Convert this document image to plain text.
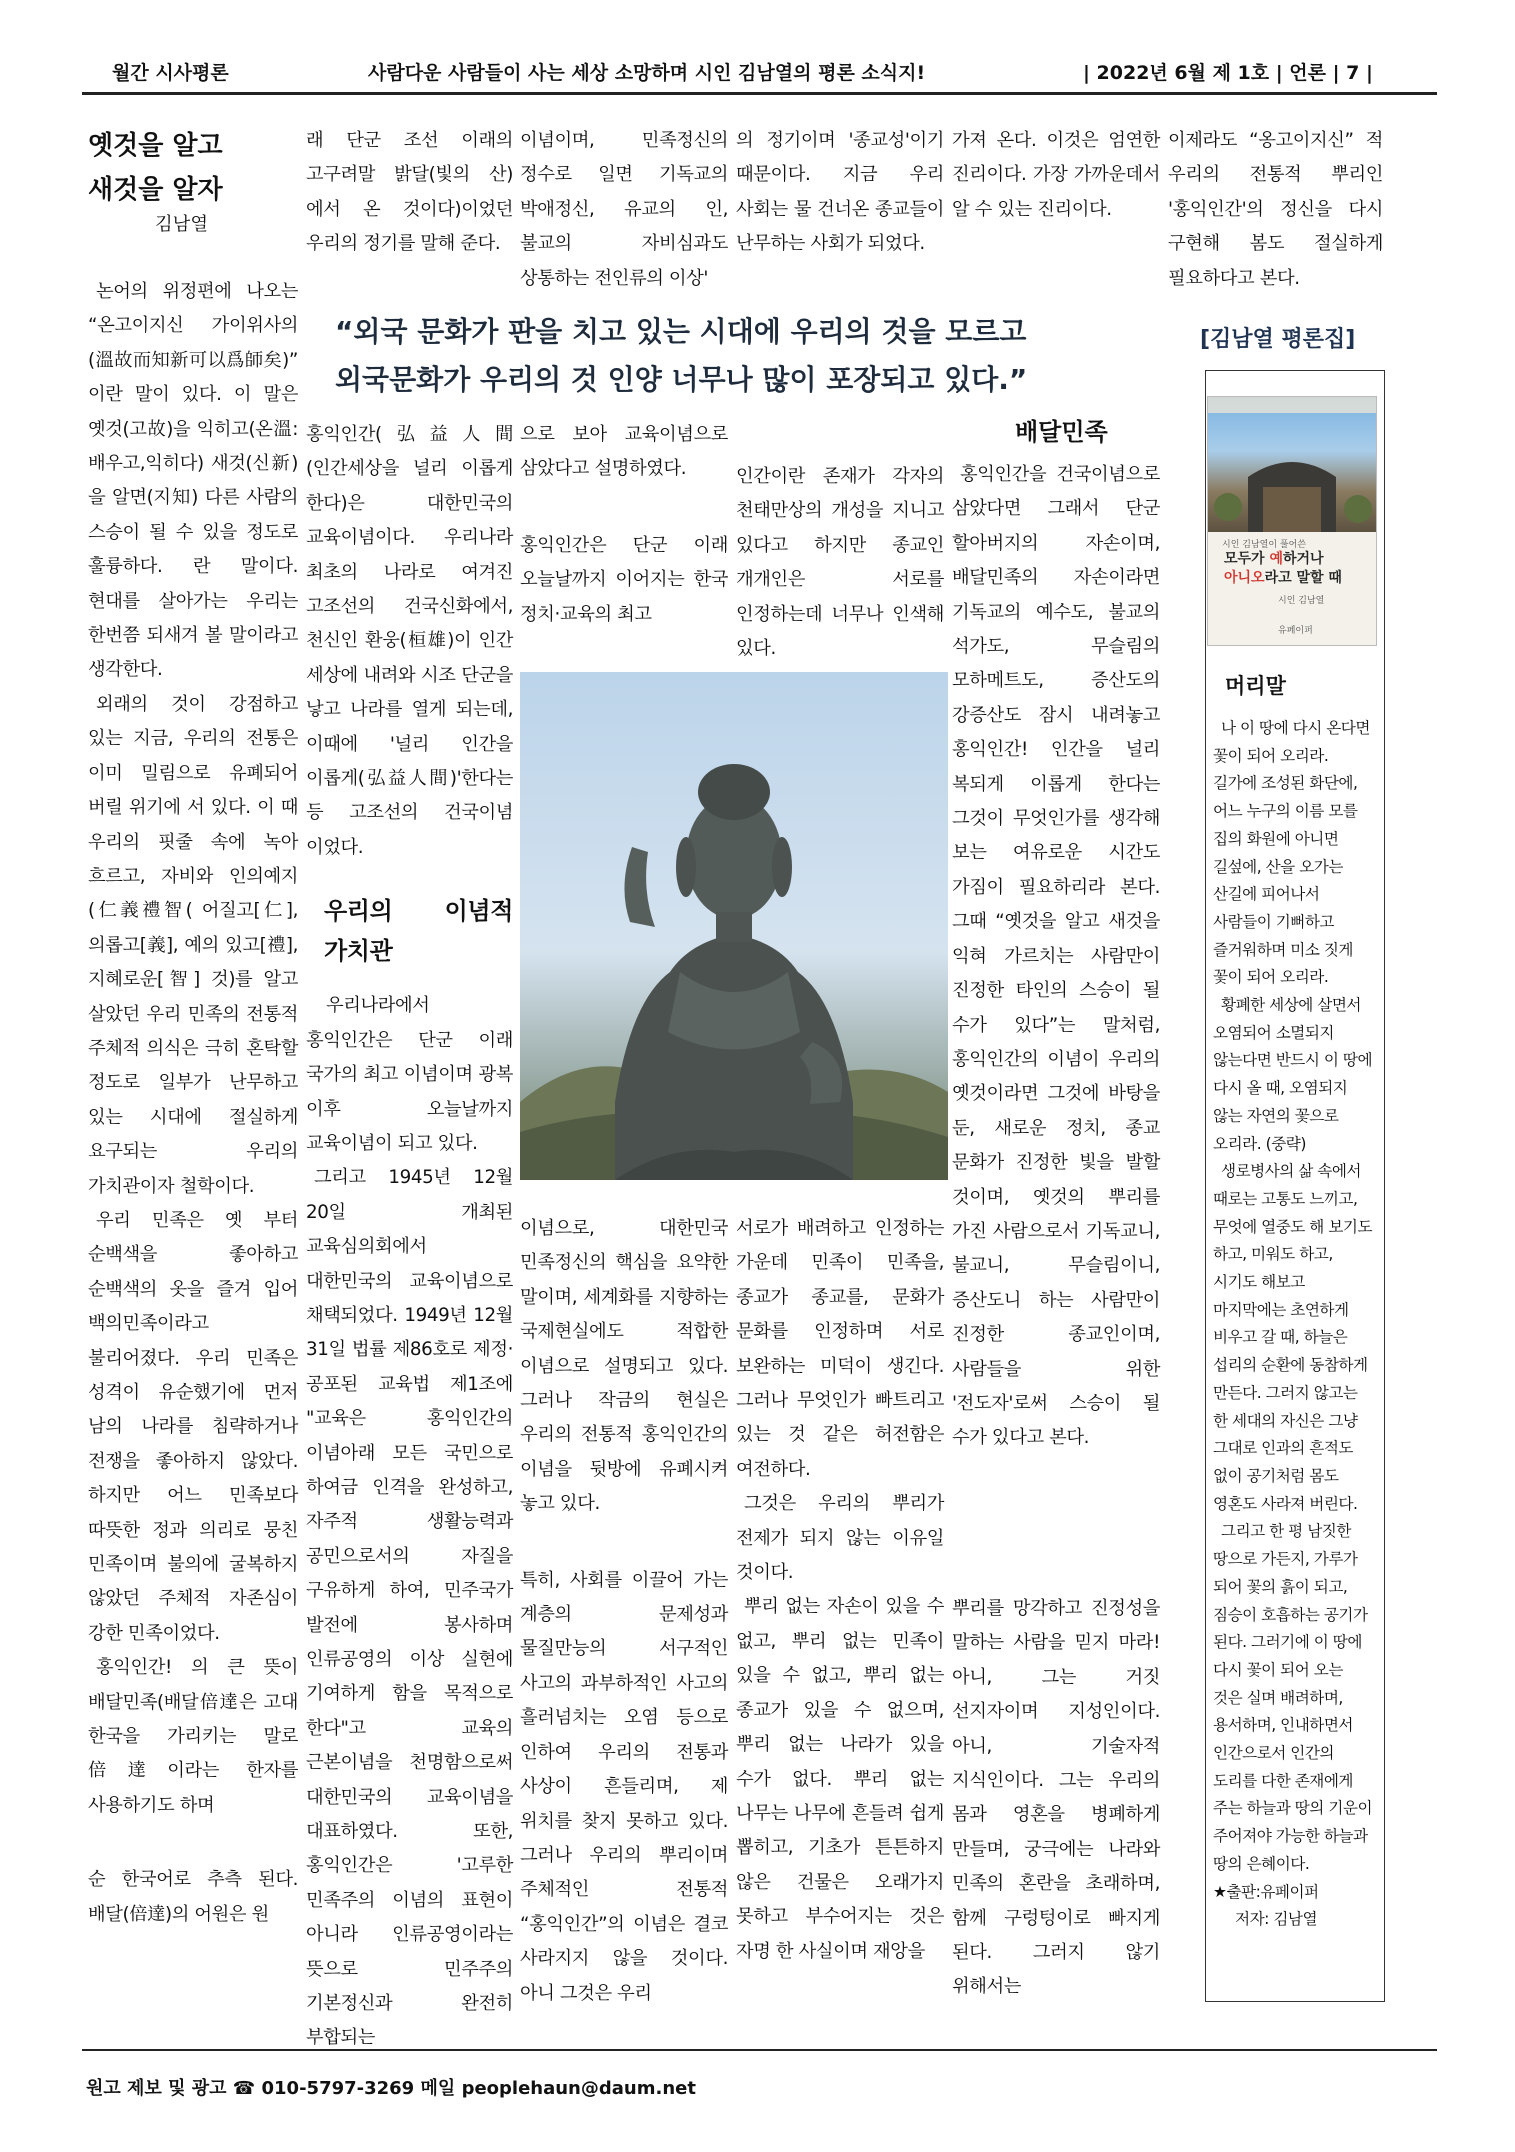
월간 시사평론	사람다운 사람들이 사는 세상 소망하며 시인 김남열의 평론 소식지!	| 2022년 6월 제 1호 | 언론 | 7 |
옛것을 알고 새것을 알자
김남열

논어의 위정편에 나오는 “온고이지신 가이위사의(溫故而知新可以爲師矣)” 이란 말이 있다. 이 말은 옛것(고故)을 익히고(온溫:배우고,익히다) 새것(신新)을 알면(지知) 다른 사람의 스승이 될 수 있을 정도로 훌륭하다. 란 말이다. 현대를 살아가는 우리는 한번쯤 되새겨 볼 말이라고 생각한다.

외래의 것이 강점하고 있는 지금, 우리의 전통은 이미 밀림으로 유폐되어 버릴 위기에 서 있다. 이 때 우리의 핏줄 속에 녹아 흐르고, 자비와 인의예지(仁義禮智( 어질고[仁], 의롭고[義], 예의 있고[禮], 지혜로운[智] 것)를 알고 살았던 우리 민족의 전통적 주체적 의식은 극히 혼탁할 정도로 일부가 난무하고 있는 시대에 절실하게 요구되는 우리의 가치관이자 철학이다.

우리 민족은 옛 부터 순백색을 좋아하고 순백색의 옷을 즐겨 입어 백의민족이라고 불리어졌다. 우리 민족은 성격이 유순했기에 먼저 남의 나라를 침략하거나 전쟁을 좋아하지 않았다. 하지만 어느 민족보다 따뜻한 정과 의리로 뭉친 민족이며 불의에 굴복하지 않았던 주체적 자존심이 강한 민족이었다.

홍익인간! 의 큰 뜻이 배달민족(배달倍達은 고대 한국을 가리키는 말로 倍達이라는 한자를 사용하기도 하며

순 한국어로 추측 된다. 배달(倍達)의 어원은 원

래 단군 조선 이래의 고구려말 밝달(빛의 산)에서 온 것이다)이었던 우리의 정기를 말해 준다.
이념이며, 민족정신의 정수로 일면 기독교의 박애정신, 유교의 인, 불교의 자비심과도 상통하는 전인류의 이상'
의 정기이며 '종교성'이기 때문이다. 지금 우리 사회는 물 건너온 종교들이 난무하는 사회가 되었다.
가져 온다. 이것은 엄연한 진리이다. 가장 가까운데서 알 수 있는 진리이다.
이제라도 “옹고이지신” 적 우리의 전통적 뿌리인 '홍익인간'의 정신을 다시 구현해 봄도 절실하게 필요하다고 본다.
“외국 문화가 판을 치고 있는 시대에 우리의 것을 모르고 외국문화가 우리의 것 인양 너무나 많이 포장되고 있다.”

홍익인간(弘益人間(인간세상을 널리 이롭게 한다)은 대한민국의 교육이념이다. 우리나라 최초의 나라로 여겨진 고조선의 건국신화에서, 천신인 환웅(桓雄)이 인간 세상에 내려와 시조 단군을 낳고 나라를 열게 되는데, 이때에 '널리 인간을 이롭게(弘益人間)'한다는 등 고조선의 건국이념 이었다.

우리의 이념적 가치관

우리나라에서 홍익인간은 단군 이래 국가의 최고 이념이며 광복 이후 오늘날까지 교육이념이 되고 있다.

그리고 1945년 12월 20일 개최된 교육심의회에서 대한민국의 교육이념으로 채택되었다. 1949년 12월 31일 법률 제86호로 제정·공포된 교육법 제1조에 "교육은 홍익인간의 이념아래 모든 국민으로 하여금 인격을 완성하고, 자주적 생활능력과 공민으로서의 자질을 구유하게 하여, 민주국가 발전에 봉사하며 인류공영의 이상 실현에 기여하게 함을 목적으로 한다"고 교육의 근본이념을 천명함으로써 대한민국의 교육이념을 대표하였다. 또한, 홍익인간은 '고루한 민족주의 이념의 표현이 아니라 인류공영이라는 뜻으로 민주주의 기본정신과 완전히 부합되는

으로 보아 교육이념으로 삼았다고 설명하였다.

홍익인간은 단군 이래 오늘날까지 이어지는 한국 정치·교육의 최고

인간이란 존재가 각자의 천태만상의 개성을 지니고 있다고 하지만 종교인 개개인은 서로를 인정하는데 너무나 인색해 있다.

배달민족

홍익인간을 건국이념으로 삼았다면 그래서 단군 할아버지의 자손이며, 배달민족의 자손이라면 기독교의 예수도, 불교의 석가도, 무슬림의 모하메트도, 증산도의 강증산도 잠시 내려놓고 홍익인간! 인간을 널리 복되게 이롭게 한다는 그것이 무엇인가를 생각해 보는 여유로운 시간도 가짐이 필요하리라 본다. 그때 “옛것을 알고 새것을 익혀 가르치는 사람만이 진정한 타인의 스승이 될 수가 있다”는 말처럼, 홍익인간의 이념이 우리의 옛것이라면 그것에 바탕을 둔, 새로운 정치, 종교 문화가 진정한 빛을 발할 것이며, 옛것의 뿌리를 가진 사람으로서 기독교니, 불교니, 무슬림이니, 증산도니 하는 사람만이 진정한 종교인이며, 사람들을 위한 '전도자'로써 스승이 될 수가 있다고 본다.

이념으로, 대한민국 민족정신의 핵심을 요약한 말이며, 세계화를 지향하는 국제현실에도 적합한 이념으로 설명되고 있다. 그러나 작금의 현실은 우리의 전통적 홍익인간의 이념을 뒷방에 유폐시켜 놓고 있다.

특히, 사회를 이끌어 가는 계층의 문제성과 물질만능의 서구적인 사고의 과부하적인 사고의 흘러넘치는 오염 등으로 인하여 우리의 전통과 사상이 흔들리며, 제 위치를 찾지 못하고 있다. 그러나 우리의 뿌리이며 주체적인 전통적 “홍익인간”의 이념은 결코 사라지지 않을 것이다. 아니 그것은 우리

서로가 배려하고 인정하는 가운데 민족이 민족을, 종교가 종교를, 문화가 문화를 인정하며 서로 보완하는 미덕이 생긴다. 그러나 무엇인가 빠트리고 있는 것 같은 허전함은 여전하다.

그것은 우리의 뿌리가 전제가 되지 않는 이유일 것이다.

뿌리 없는 자손이 있을 수 없고, 뿌리 없는 민족이 있을 수 없고, 뿌리 없는 종교가 있을 수 없으며, 뿌리 없는 나라가 있을 수가 없다. 뿌리 없는 나무는 나무에 흔들려 쉽게 뽑히고, 기초가 튼튼하지 않은 건물은 오래가지 못하고 부수어지는 것은 자명 한 사실이며 재앙을

뿌리를 망각하고 진정성을 말하는 사람을 믿지 마라! 아니, 그는 거짓 선지자이며 지성인이다. 아니, 기술자적 지식인이다. 그는 우리의 몸과 영혼을 병폐하게 만들며, 궁극에는 나라와 민족의 혼란을 초래하며, 함께 구렁텅이로 빠지게 된다. 그러지 않기 위해서는
[김남열 평론집]
시인 김남열이 풀어쓴
모두가 예하거나
아니오라고 말할 때
시인 김남열
유페이퍼
머리말
나 이 땅에 다시 온다면 꽃이 되어 오리라. 길가에 조성된 화단에, 어느 누구의 이름 모를 집의 화원에 아니면 길섶에, 산을 오가는 산길에 피어나서 사람들이 기뻐하고 즐거워하며 미소 짓게 꽃이 되어 오리라.
황폐한 세상에 살면서 오염되어 소멸되지 않는다면 반드시 이 땅에 다시 올 때, 오염되지 않는 자연의 꽃으로 오리라. (중략)
생로병사의 삶 속에서 때로는 고통도 느끼고, 무엇에 열중도 해 보기도 하고, 미워도 하고, 시기도 해보고 마지막에는 초연하게 비우고 갈 때, 하늘은 섭리의 순환에 동참하게 만든다. 그러지 않고는 한 세대의 자신은 그냥 그대로 인과의 흔적도 없이 공기처럼 몸도 영혼도 사라져 버린다.
그리고 한 평 남짓한 땅으로 가든지, 가루가 되어 꽃의 흙이 되고, 짐승이 호흡하는 공기가 된다. 그러기에 이 땅에 다시 꽃이 되어 오는 것은 실며 배려하며, 용서하며, 인내하면서 인간으로서 인간의 도리를 다한 존재에게 주는 하늘과 땅의 기운이 주어져야 가능한 하늘과 땅의 은혜이다.
★출판:유페이퍼
저자: 김남열
원고 제보 및 광고 ☎ 010-5797-3269 메일 peoplehaun@daum.net
